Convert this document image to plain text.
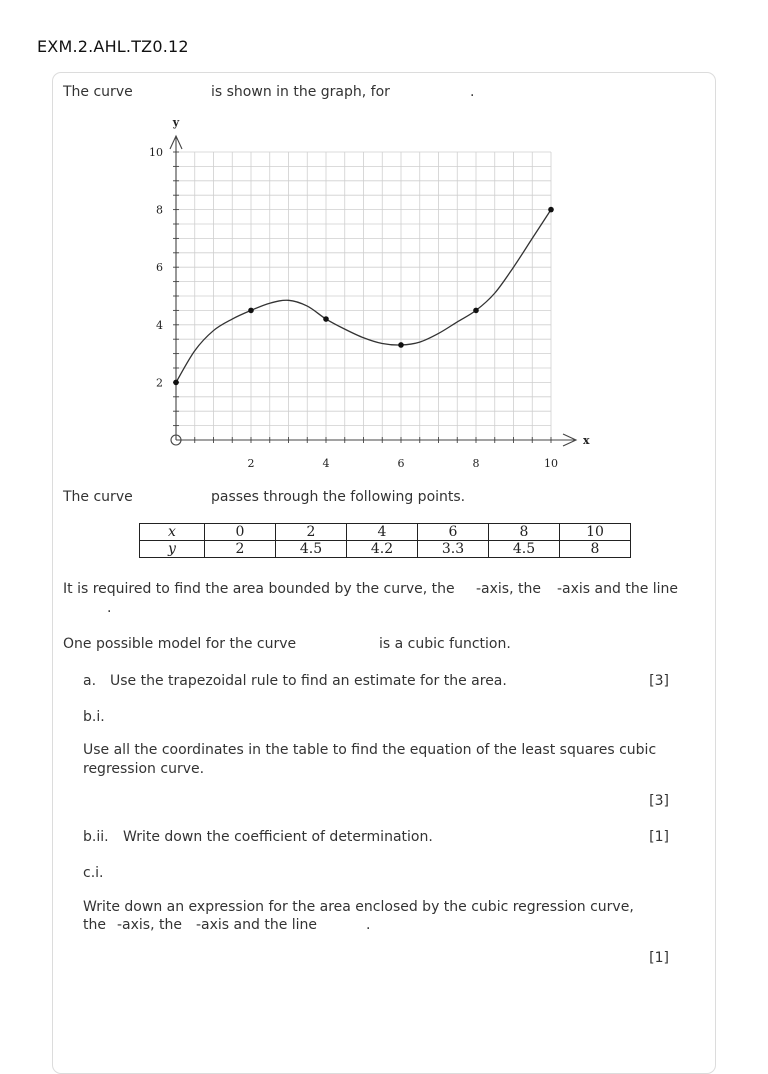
EXM.2.AHL.TZ0.12
The curve	is shown in the graph, for	.
2	4	6	8	10
2
4
6
8
10
x
y
The curve	passes through the following points.
x	0	2	4	6	8	10
y	2	4.5	4.2	3.3	4.5	8
It is required to find the area bounded by the curve, the -axis, the -axis and the line
.
One possible model for the curve	is a cubic function.
a. Use the trapezoidal rule to find an estimate for the area.	[3]
b.i.
Use all the coordinates in the table to find the equation of the least squares cubic
regression curve.
[3]
b.ii. Write down the coefficient of determination.	[1]
c.i.
Write down an expression for the area enclosed by the cubic regression curve,
the -axis, the -axis and the line	.
[1]
